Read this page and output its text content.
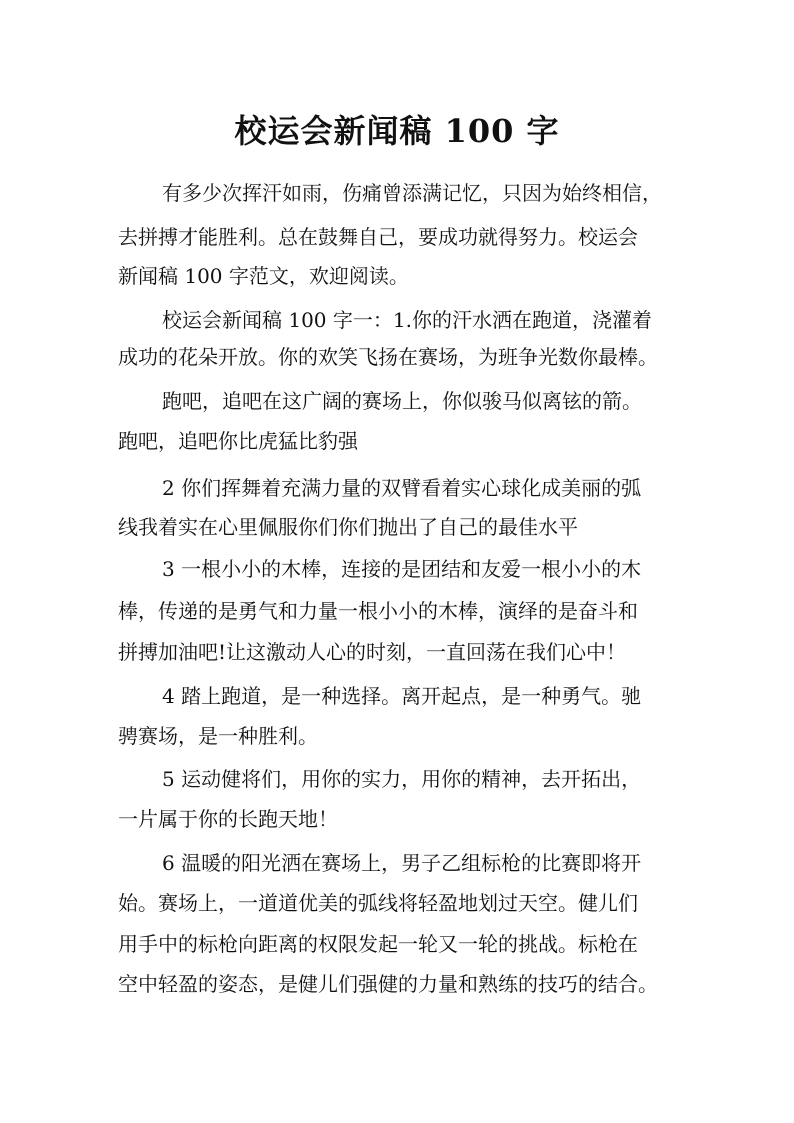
校运会新闻稿 100 字
有多少次挥汗如雨，伤痛曾添满记忆，只因为始终相信，
去拼搏才能胜利。总在鼓舞自己，要成功就得努力。校运会
新闻稿 100 字范文，欢迎阅读。
校运会新闻稿 100 字一：1.你的汗水洒在跑道，浇灌着
成功的花朵开放。你的欢笑飞扬在赛场，为班争光数你最棒。
跑吧，追吧在这广阔的赛场上，你似骏马似离铉的箭。
跑吧，追吧你比虎猛比豹强
2 你们挥舞着充满力量的双臂看着实心球化成美丽的弧
线我着实在心里佩服你们你们抛出了自己的最佳水平
3 一根小小的木棒，连接的是团结和友爱一根小小的木
棒，传递的是勇气和力量一根小小的木棒，演绎的是奋斗和
拼搏加油吧!让这激动人心的时刻，一直回荡在我们心中！
4 踏上跑道，是一种选择。离开起点，是一种勇气。驰
骋赛场，是一种胜利。
5 运动健将们，用你的实力，用你的精神，去开拓出，
一片属于你的长跑天地！
6 温暖的阳光洒在赛场上，男子乙组标枪的比赛即将开
始。赛场上，一道道优美的弧线将轻盈地划过天空。健儿们
用手中的标枪向距离的权限发起一轮又一轮的挑战。标枪在
空中轻盈的姿态，是健儿们强健的力量和熟练的技巧的结合。
